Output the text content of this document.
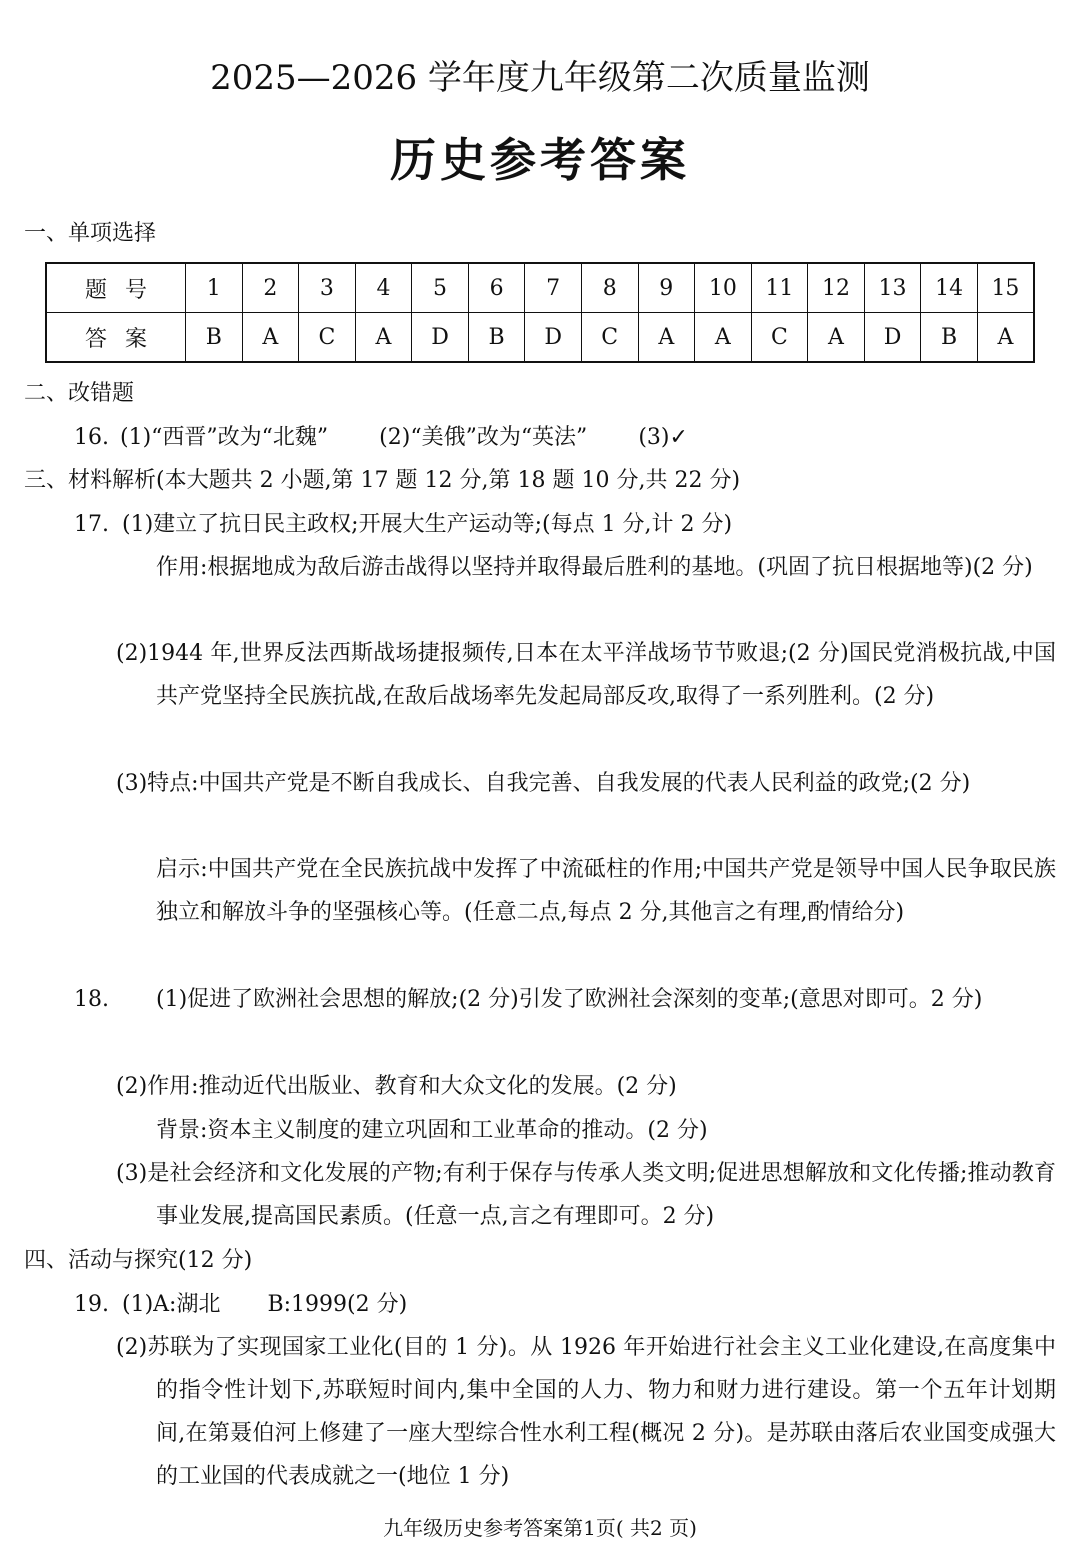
2025—2026 学年度九年级第二次质量监测
历史参考答案
一、单项选择
题号	1	2	3	4	5	6	7	8	9	10	11	12	13	14	15
答案	B	A	C	A	D	B	D	C	A	A	C	A	D	B	A
二、改错题
16. (1)“西晋”改为“北魏” (2)“美俄”改为“英法” (3)✓
三、材料解析(本大题共 2 小题,第 17 题 12 分,第 18 题 10 分,共 22 分)
17. (1)建立了抗日民主政权;开展大生产运动等;(每点 1 分,计 2 分)
作用:根据地成为敌后游击战得以坚持并取得最后胜利的基地。(巩固了抗日根据地等)(2 分)
(2)1944 年,世界反法西斯战场捷报频传,日本在太平洋战场节节败退;(2 分)国民党消极抗战,中国共产党坚持全民族抗战,在敌后战场率先发起局部反攻,取得了一系列胜利。(2 分)
(3)特点:中国共产党是不断自我成长、自我完善、自我发展的代表人民利益的政党;(2 分)
启示:中国共产党在全民族抗战中发挥了中流砥柱的作用;中国共产党是领导中国人民争取民族独立和解放斗争的坚强核心等。(任意二点,每点 2 分,其他言之有理,酌情给分)
18. (1)促进了欧洲社会思想的解放;(2 分)引发了欧洲社会深刻的变革;(意思对即可。2 分)
(2)作用:推动近代出版业、教育和大众文化的发展。(2 分)
背景:资本主义制度的建立巩固和工业革命的推动。(2 分)
(3)是社会经济和文化发展的产物;有利于保存与传承人类文明;促进思想解放和文化传播;推动教育事业发展,提高国民素质。(任意一点,言之有理即可。2 分)
四、活动与探究(12 分)
19. (1)A:湖北 B:1999(2 分)
(2)苏联为了实现国家工业化(目的 1 分)。从 1926 年开始进行社会主义工业化建设,在高度集中的指令性计划下,苏联短时间内,集中全国的人力、物力和财力进行建设。第一个五年计划期间,在第聂伯河上修建了一座大型综合性水利工程(概况 2 分)。是苏联由落后农业国变成强大的工业国的代表成就之一(地位 1 分)
九年级历史参考答案第1页( 共2 页)
